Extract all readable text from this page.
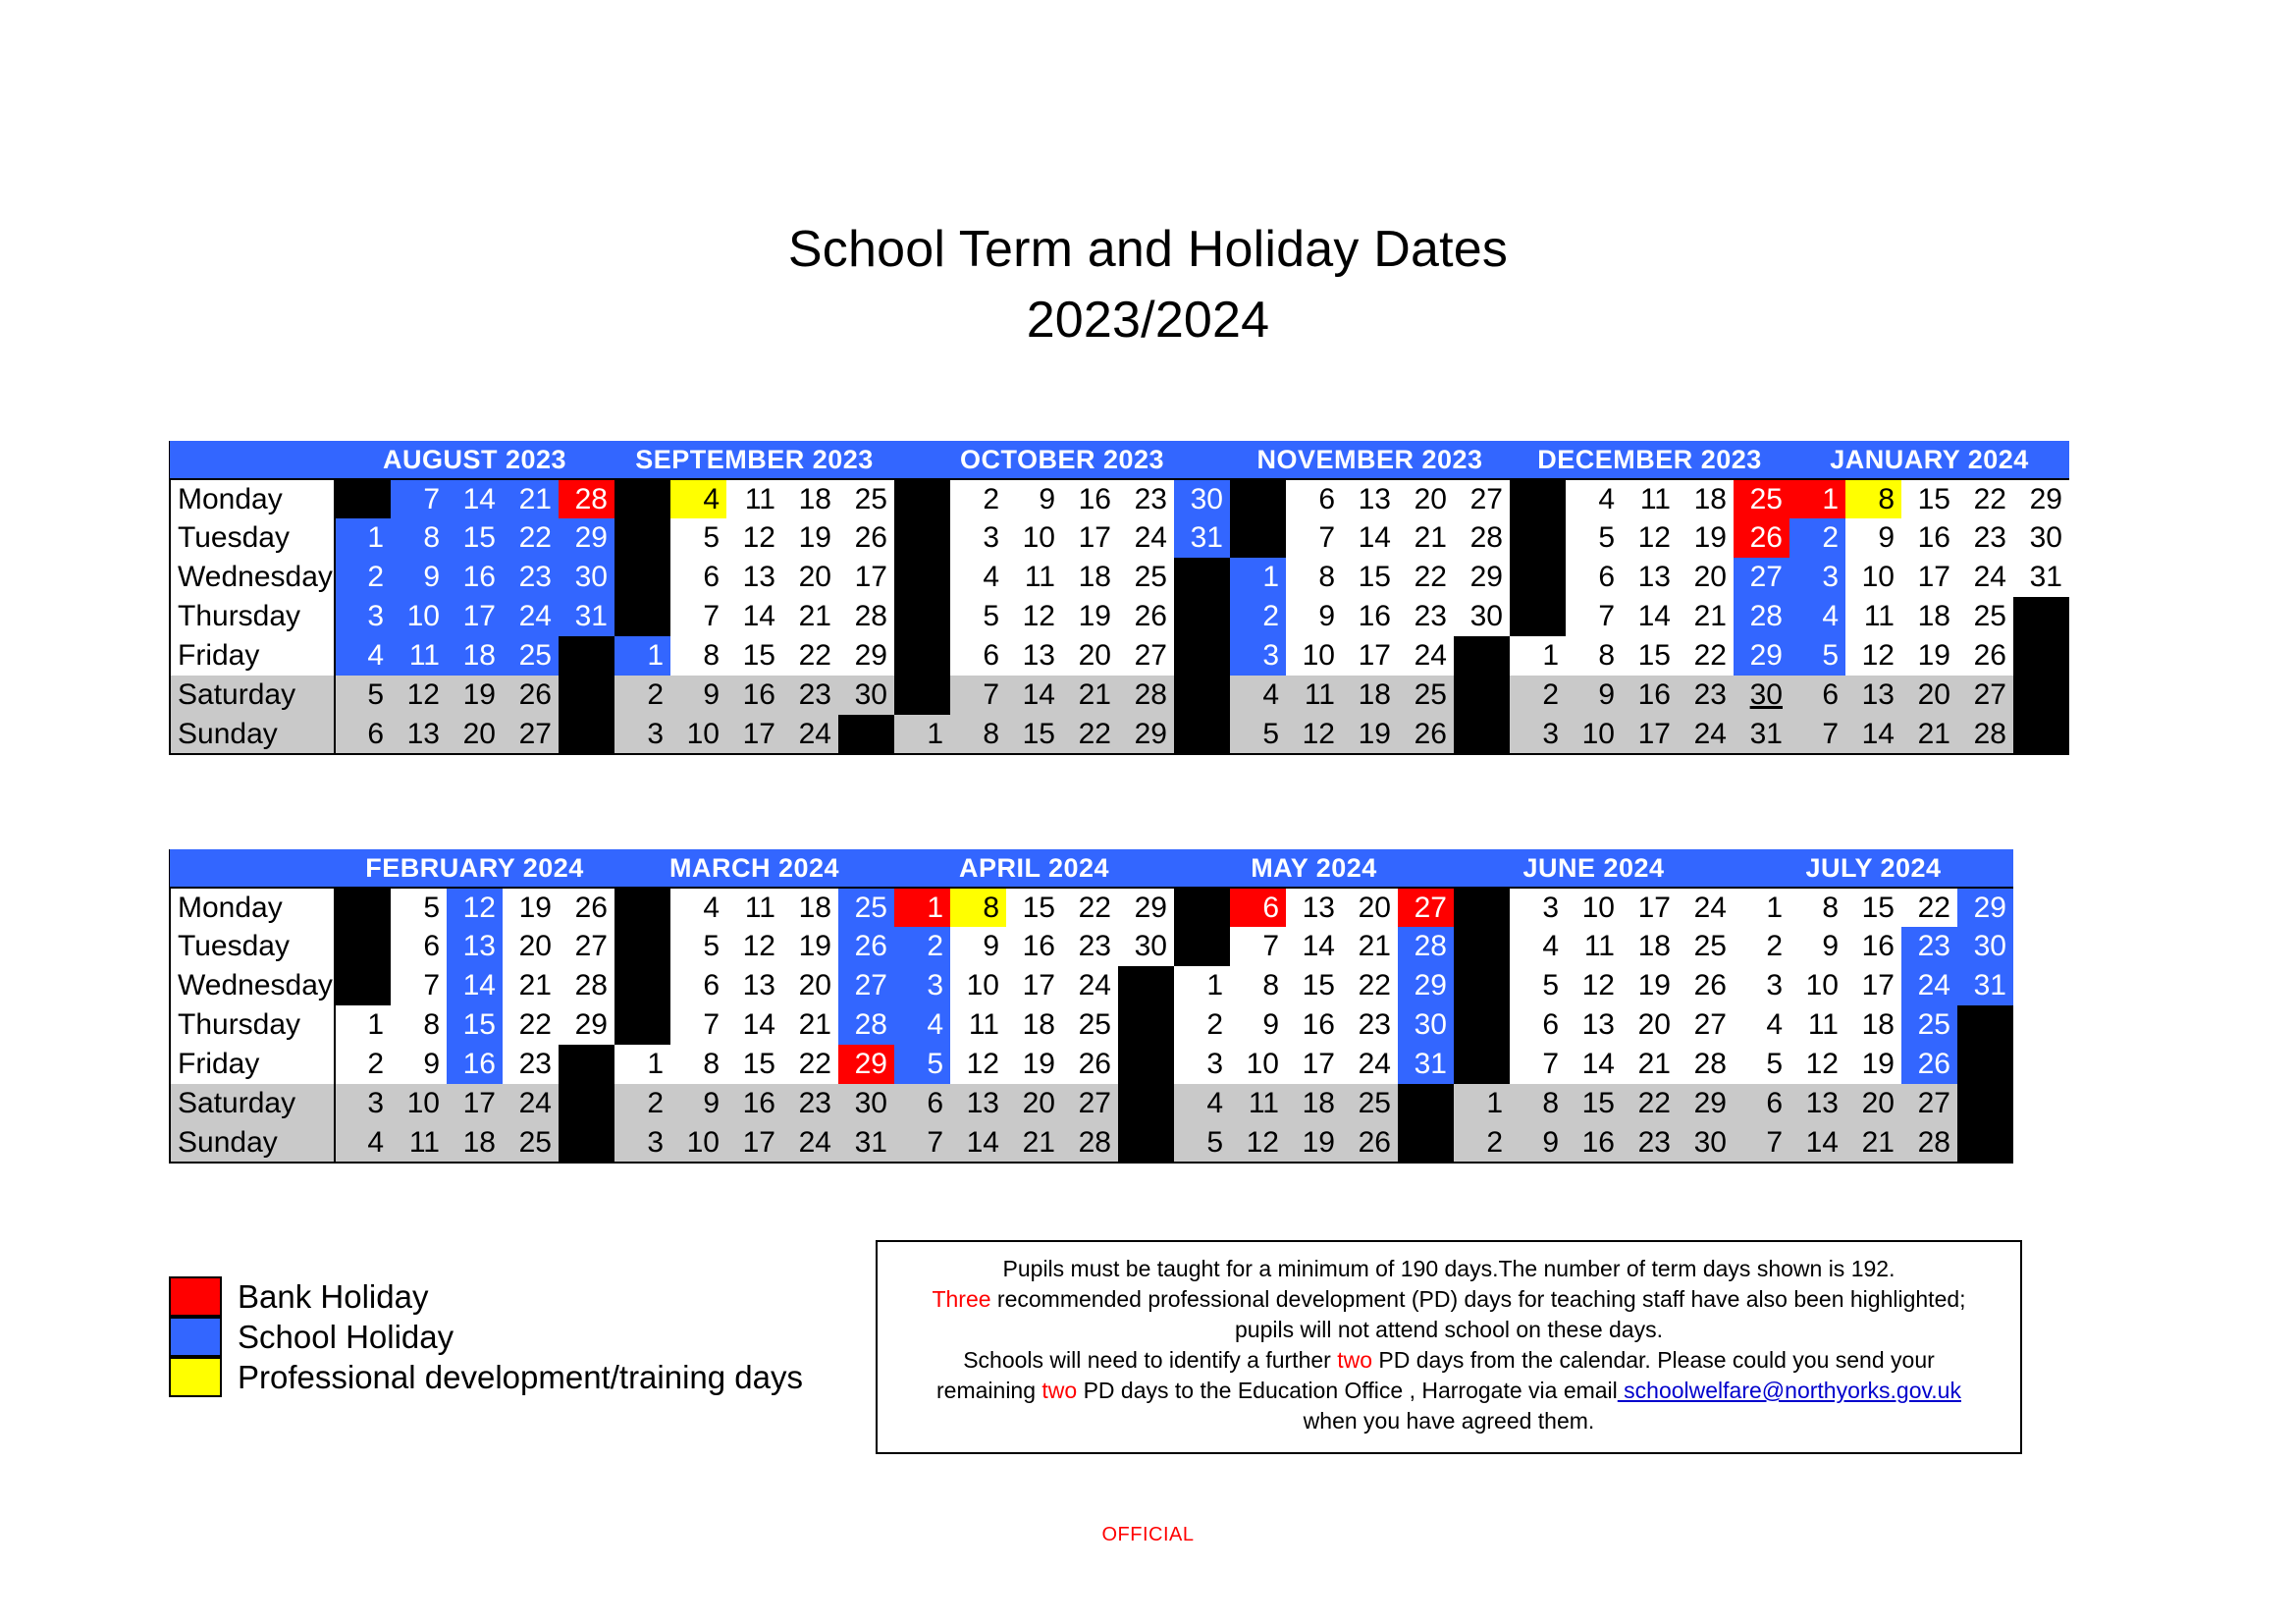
School Term and Holiday Dates
2023/2024
	AUGUST 2023					SEPTEMBER 2023					OCTOBER 2023						NOVEMBER 2023					DECEMBER 2023					JANUARY 2024				
Monday		7	14	21	28		4	11	18	25		2	9	16	23	30		6	13	20	27		4	11	18	25	1	8	15	22	29
Tuesday	1	8	15	22	29		5	12	19	26		3	10	17	24	31		7	14	21	28		5	12	19	26	2	9	16	23	30
Wednesday	2	9	16	23	30		6	13	20	17		4	11	18	25		1	8	15	22	29		6	13	20	27	3	10	17	24	31
Thursday	3	10	17	24	31		7	14	21	28		5	12	19	26		2	9	16	23	30		7	14	21	28	4	11	18	25	
Friday	4	11	18	25		1	8	15	22	29		6	13	20	27		3	10	17	24		1	8	15	22	29	5	12	19	26	
Saturday	5	12	19	26		2	9	16	23	30		7	14	21	28		4	11	18	25		2	9	16	23	30	6	13	20	27	
Sunday	6	13	20	27		3	10	17	24		1	8	15	22	29		5	12	19	26		3	10	17	24	31	7	14	21	28	
	FEBRUARY 2024					MARCH 2024					APRIL 2024					MAY 2024					JUNE 2024					JULY 2024				
Monday		5	12	19	26		4	11	18	25	1	8	15	22	29		6	13	20	27		3	10	17	24	1	8	15	22	29
Tuesday		6	13	20	27		5	12	19	26	2	9	16	23	30		7	14	21	28		4	11	18	25	2	9	16	23	30
Wednesday		7	14	21	28		6	13	20	27	3	10	17	24		1	8	15	22	29		5	12	19	26	3	10	17	24	31
Thursday	1	8	15	22	29		7	14	21	28	4	11	18	25		2	9	16	23	30		6	13	20	27	4	11	18	25	
Friday	2	9	16	23		1	8	15	22	29	5	12	19	26		3	10	17	24	31		7	14	21	28	5	12	19	26	
Saturday	3	10	17	24		2	9	16	23	30	6	13	20	27		4	11	18	25		1	8	15	22	29	6	13	20	27	
Sunday	4	11	18	25		3	10	17	24	31	7	14	21	28		5	12	19	26		2	9	16	23	30	7	14	21	28	
Bank Holiday
School Holiday
Professional development/training days
Pupils must be taught for a minimum of 190 days.The number of term days shown is 192.
Three recommended professional development (PD) days for teaching staff have also been highlighted;
pupils will not attend school on these days.
Schools will need to identify a further two PD days from the calendar. Please could you send your
remaining two PD days to the Education Office , Harrogate via email schoolwelfare@northyorks.gov.uk
when you have agreed them.
OFFICIAL
